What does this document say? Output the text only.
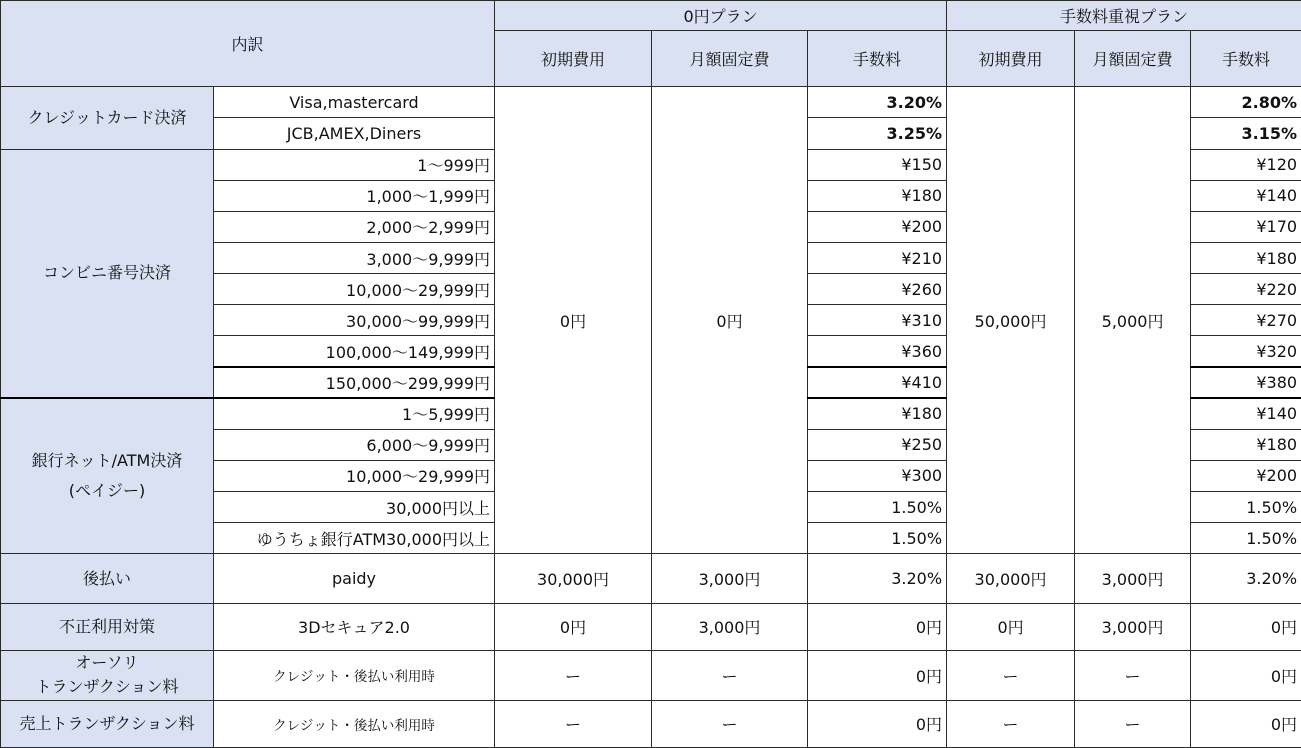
内訳		0円プラン			手数料重視プラン		
		初期費用	月額固定費	手数料	初期費用	月額固定費	手数料
クレジットカード決済	Visa,mastercard	0円	0円	3.20%	50,000円	5,000円	2.80%
	JCB,AMEX,Diners			3.25%			3.15%
コンビニ番号決済	1〜999円			¥150			¥120
	1,000〜1,999円			¥180			¥140
	2,000〜2,999円			¥200			¥170
	3,000〜9,999円			¥210			¥180
	10,000〜29,999円			¥260			¥220
	30,000〜99,999円			¥310			¥270
	100,000〜149,999円			¥360			¥320
	150,000〜299,999円			¥410			¥380
銀行ネット/ATM決済
(ペイジー)	1〜5,999円			¥180			¥140
	6,000〜9,999円			¥250			¥180
	10,000〜29,999円			¥300			¥200
	30,000円以上			1.50%			1.50%
	ゆうちょ銀行ATM30,000円以上			1.50%			1.50%
後払い	paidy	30,000円	3,000円	3.20%	30,000円	3,000円	3.20%
不正利用対策	3Dセキュア2.0	0円	3,000円	0円	0円	3,000円	0円
オーソリ
トランザクション料	クレジット・後払い利用時	ー	ー	0円	ー	ー	0円
売上トランザクション料	クレジット・後払い利用時	ー	ー	0円	ー	ー	0円
